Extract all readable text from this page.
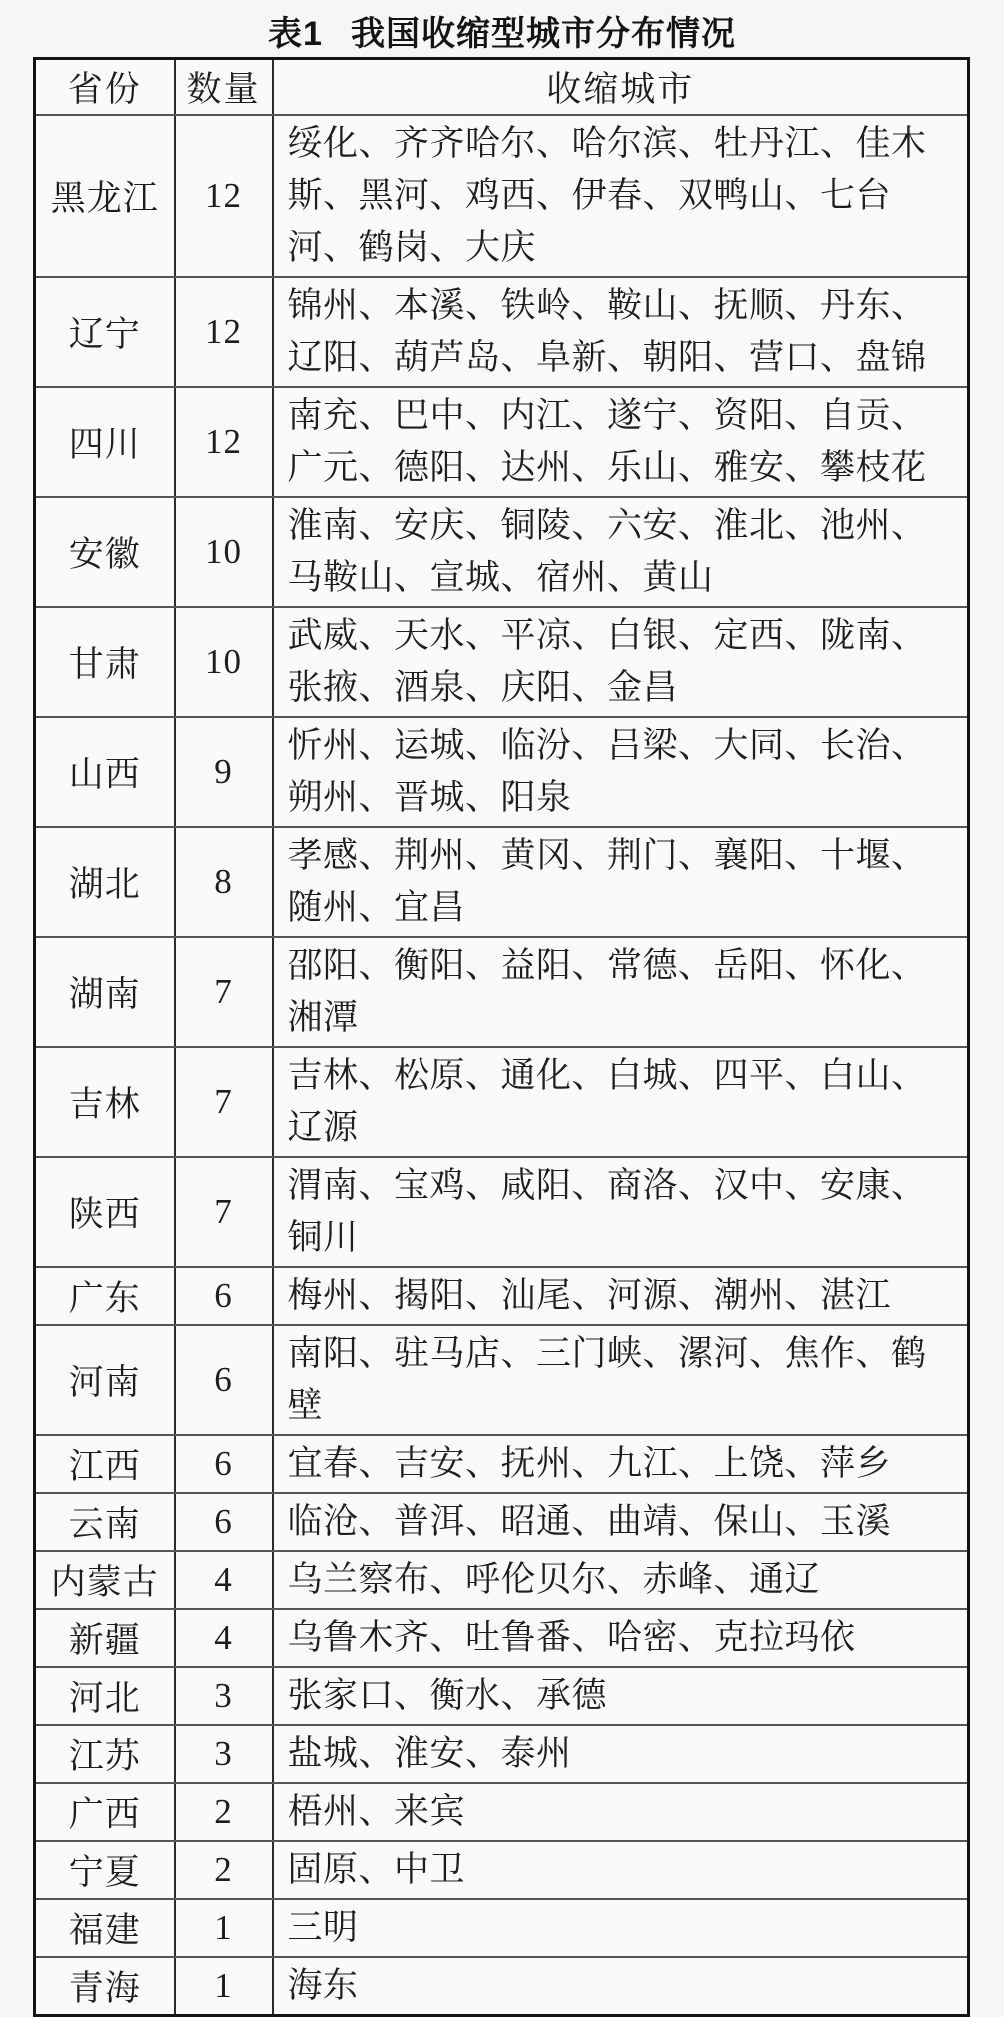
表1 我国收缩型城市分布情况
省份	数量	收缩城市
黑龙江	12	绥化、齐齐哈尔、哈尔滨、牡丹江、佳木斯、黑河、鸡西、伊春、双鸭山、七台河、鹤岗、大庆
辽宁	12	锦州、本溪、铁岭、鞍山、抚顺、丹东、辽阳、葫芦岛、阜新、朝阳、营口、盘锦
四川	12	南充、巴中、内江、遂宁、资阳、自贡、广元、德阳、达州、乐山、雅安、攀枝花
安徽	10	淮南、安庆、铜陵、六安、淮北、池州、马鞍山、宣城、宿州、黄山
甘肃	10	武威、天水、平凉、白银、定西、陇南、张掖、酒泉、庆阳、金昌
山西	9	忻州、运城、临汾、吕梁、大同、长治、朔州、晋城、阳泉
湖北	8	孝感、荆州、黄冈、荆门、襄阳、十堰、随州、宜昌
湖南	7	邵阳、衡阳、益阳、常德、岳阳、怀化、湘潭
吉林	7	吉林、松原、通化、白城、四平、白山、辽源
陕西	7	渭南、宝鸡、咸阳、商洛、汉中、安康、铜川
广东	6	梅州、揭阳、汕尾、河源、潮州、湛江
河南	6	南阳、驻马店、三门峡、漯河、焦作、鹤壁
江西	6	宜春、吉安、抚州、九江、上饶、萍乡
云南	6	临沧、普洱、昭通、曲靖、保山、玉溪
内蒙古	4	乌兰察布、呼伦贝尔、赤峰、通辽
新疆	4	乌鲁木齐、吐鲁番、哈密、克拉玛依
河北	3	张家口、衡水、承德
江苏	3	盐城、淮安、泰州
广西	2	梧州、来宾
宁夏	2	固原、中卫
福建	1	三明
青海	1	海东
